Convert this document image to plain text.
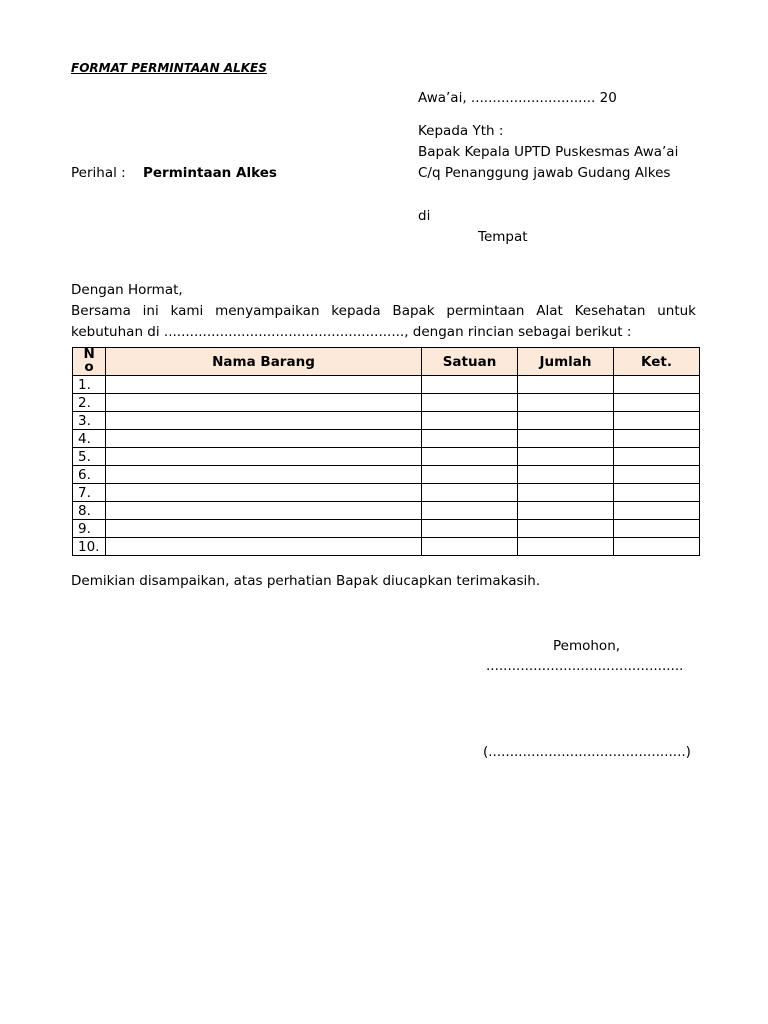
FORMAT PERMINTAAN ALKES
Awa’ai, ............................. 20
Kepada Yth :
Bapak Kepala UPTD Puskesmas Awa’ai
C/q Penanggung jawab Gudang Alkes
Perihal : Permintaan Alkes
di
Tempat
Dengan Hormat,
Bersama ini kami menyampaikan kepada Bapak permintaan Alat Kesehatan untuk
kebutuhan di ........................................................, dengan rincian sebagai berikut :
No	Nama Barang	Satuan	Jumlah	Ket.
1.				
2.				
3.				
4.				
5.				
6.				
7.				
8.				
9.				
10.				
Demikian disampaikan, atas perhatian Bapak diucapkan terimakasih.
Pemohon,
..............................................
(..............................................)
